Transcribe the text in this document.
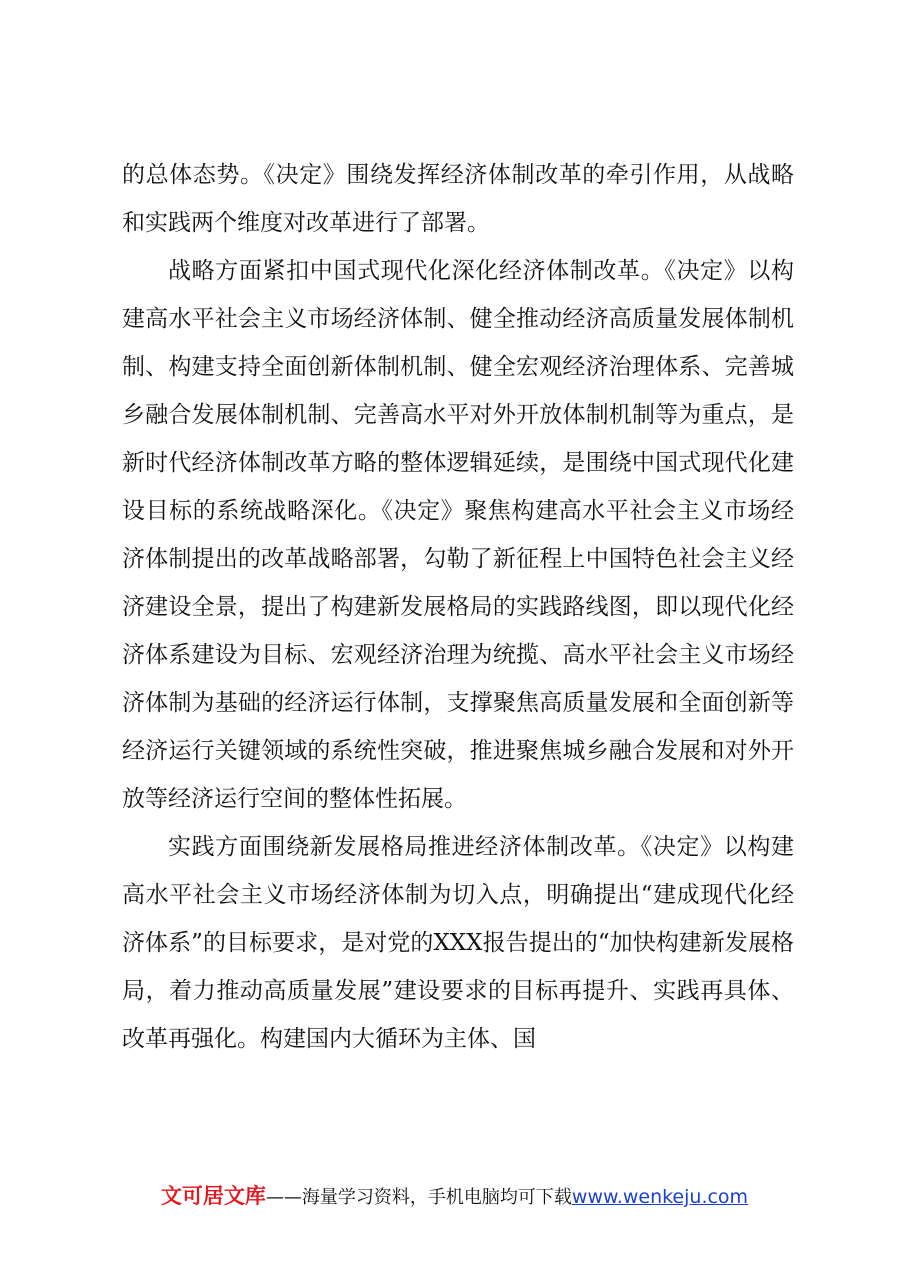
的总体态势。《决定》围绕发挥经济体制改革的牵引作用，从战略和实践两个维度对改革进行了部署。

战略方面紧扣中国式现代化深化经济体制改革。《决定》以构建高水平社会主义市场经济体制、健全推动经济高质量发展体制机制、构建支持全面创新体制机制、健全宏观经济治理体系、完善城乡融合发展体制机制、完善高水平对外开放体制机制等为重点，是新时代经济体制改革方略的整体逻辑延续，是围绕中国式现代化建设目标的系统战略深化。《决定》聚焦构建高水平社会主义市场经济体制提出的改革战略部署，勾勒了新征程上中国特色社会主义经济建设全景，提出了构建新发展格局的实践路线图，即以现代化经济体系建设为目标、宏观经济治理为统揽、高水平社会主义市场经济体制为基础的经济运行体制，支撑聚焦高质量发展和全面创新等经济运行关键领域的系统性突破，推进聚焦城乡融合发展和对外开放等经济运行空间的整体性拓展。

实践方面围绕新发展格局推进经济体制改革。《决定》以构建高水平社会主义市场经济体制为切入点，明确提出“建成现代化经济体系”的目标要求，是对党的XXX报告提出的“加快构建新发展格局，着力推动高质量发展”建设要求的目标再提升、实践再具体、改革再强化。构建国内大循环为主体、国

文可居文库——海量学习资料，手机电脑均可下载www.wenkeju.com
